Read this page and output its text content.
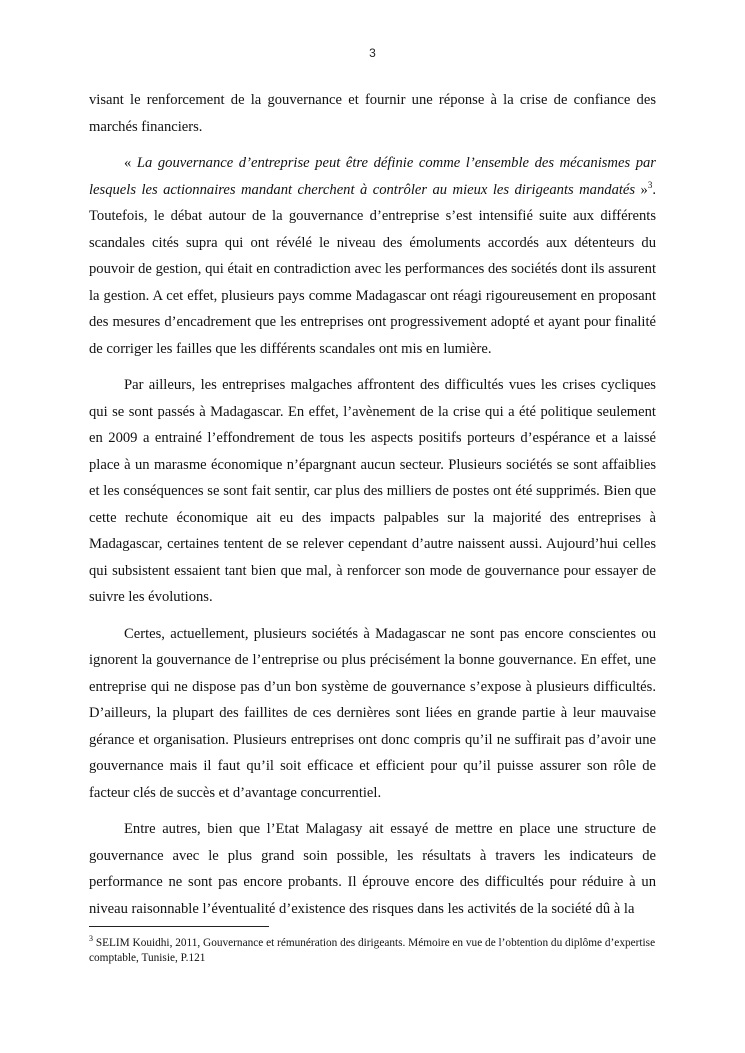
3

visant le renforcement de la gouvernance et fournir une réponse à la crise de confiance des marchés financiers.

« La gouvernance d’entreprise peut être définie comme l’ensemble des mécanismes par lesquels les actionnaires mandant cherchent à contrôler au mieux les dirigeants mandatés »$^3$. Toutefois, le débat autour de la gouvernance d’entreprise s’est intensifié suite aux différents scandales cités supra qui ont révélé le niveau des émoluments accordés aux détenteurs du pouvoir de gestion, qui était en contradiction avec les performances des sociétés dont ils assurent la gestion. A cet effet, plusieurs pays comme Madagascar ont réagi rigoureusement en proposant des mesures d’encadrement que les entreprises ont progressivement adopté et ayant pour finalité de corriger les failles que les différents scandales ont mis en lumière.

Par ailleurs, les entreprises malgaches affrontent des difficultés vues les crises cycliques qui se sont passés à Madagascar. En effet, l’avènement de la crise qui a été politique seulement en 2009 a entrainé l’effondrement de tous les aspects positifs porteurs d’espérance et a laissé place à un marasme économique n’épargnant aucun secteur. Plusieurs sociétés se sont affaiblies et les conséquences se sont fait sentir, car plus des milliers de postes ont été supprimés. Bien que cette rechute économique ait eu des impacts palpables sur la majorité des entreprises à Madagascar, certaines tentent de se relever cependant d’autre naissent aussi. Aujourd’hui celles qui subsistent essaient tant bien que mal, à renforcer son mode de gouvernance pour essayer de suivre les évolutions.

Certes, actuellement, plusieurs sociétés à Madagascar ne sont pas encore conscientes ou ignorent la gouvernance de l’entreprise ou plus précisément la bonne gouvernance. En effet, une entreprise qui ne dispose pas d’un bon système de gouvernance s’expose à plusieurs difficultés. D’ailleurs, la plupart des faillites de ces dernières sont liées en grande partie à leur mauvaise gérance et organisation. Plusieurs entreprises ont donc compris qu’il ne suffirait pas d’avoir une gouvernance mais il faut qu’il soit efficace et efficient pour qu’il puisse assurer son rôle de facteur clés de succès et d’avantage concurrentiel.

Entre autres, bien que l’Etat Malagasy ait essayé de mettre en place une structure de gouvernance avec le plus grand soin possible, les résultats à travers les indicateurs de performance ne sont pas encore probants. Il éprouve encore des difficultés pour réduire à un niveau raisonnable l’éventualité d’existence des risques dans les activités de la société dû à la

$^3$ SELIM Kouidhi, 2011, Gouvernance et rémunération des dirigeants. Mémoire en vue de l’obtention du diplôme d’expertise comptable, Tunisie, P.121
